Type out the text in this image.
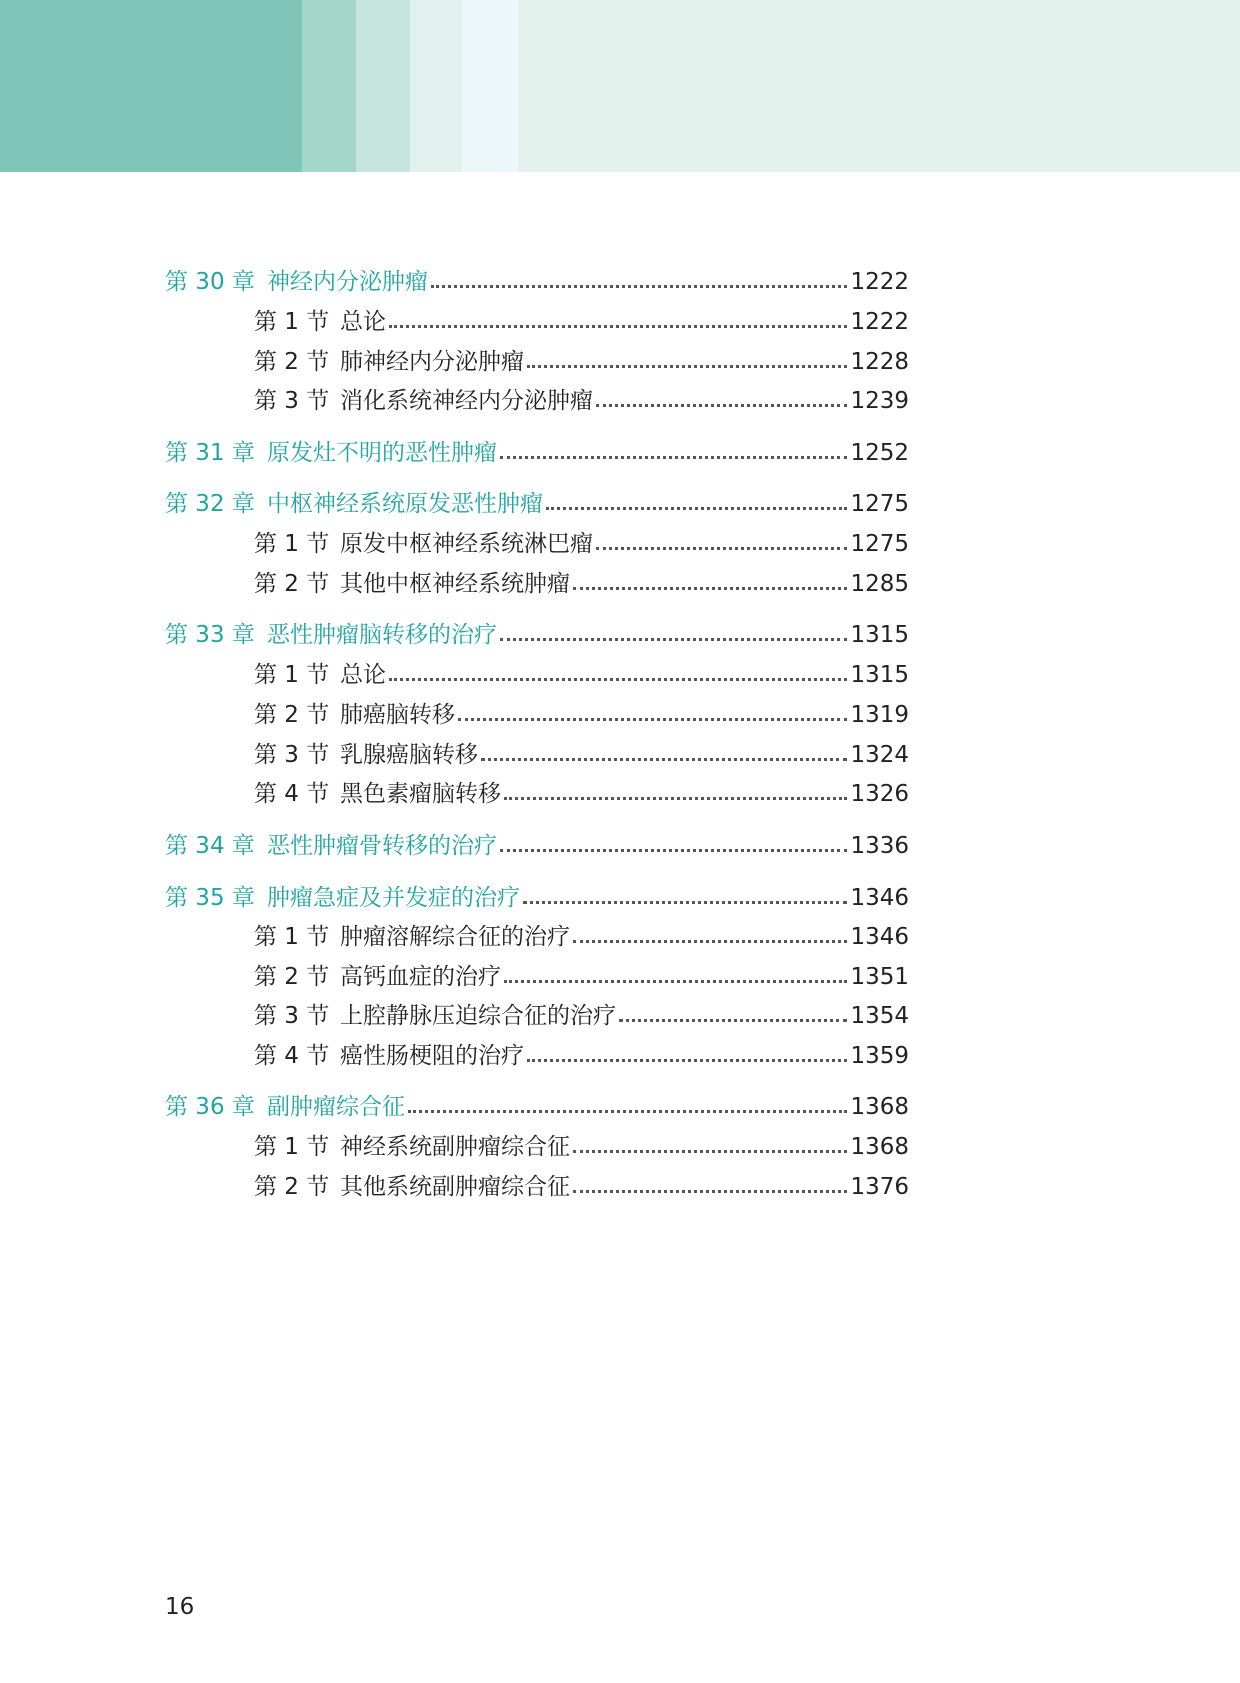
第 30 章 神经内分泌肿瘤	1222
第 1 节 总论	1222
第 2 节 肺神经内分泌肿瘤	1228
第 3 节 消化系统神经内分泌肿瘤	1239
第 31 章 原发灶不明的恶性肿瘤	1252
第 32 章 中枢神经系统原发恶性肿瘤	1275
第 1 节 原发中枢神经系统淋巴瘤	1275
第 2 节 其他中枢神经系统肿瘤	1285
第 33 章 恶性肿瘤脑转移的治疗	1315
第 1 节 总论	1315
第 2 节 肺癌脑转移	1319
第 3 节 乳腺癌脑转移	1324
第 4 节 黑色素瘤脑转移	1326
第 34 章 恶性肿瘤骨转移的治疗	1336
第 35 章 肿瘤急症及并发症的治疗	1346
第 1 节 肿瘤溶解综合征的治疗	1346
第 2 节 高钙血症的治疗	1351
第 3 节 上腔静脉压迫综合征的治疗	1354
第 4 节 癌性肠梗阻的治疗	1359
第 36 章 副肿瘤综合征	1368
第 1 节 神经系统副肿瘤综合征	1368
第 2 节 其他系统副肿瘤综合征	1376
16
